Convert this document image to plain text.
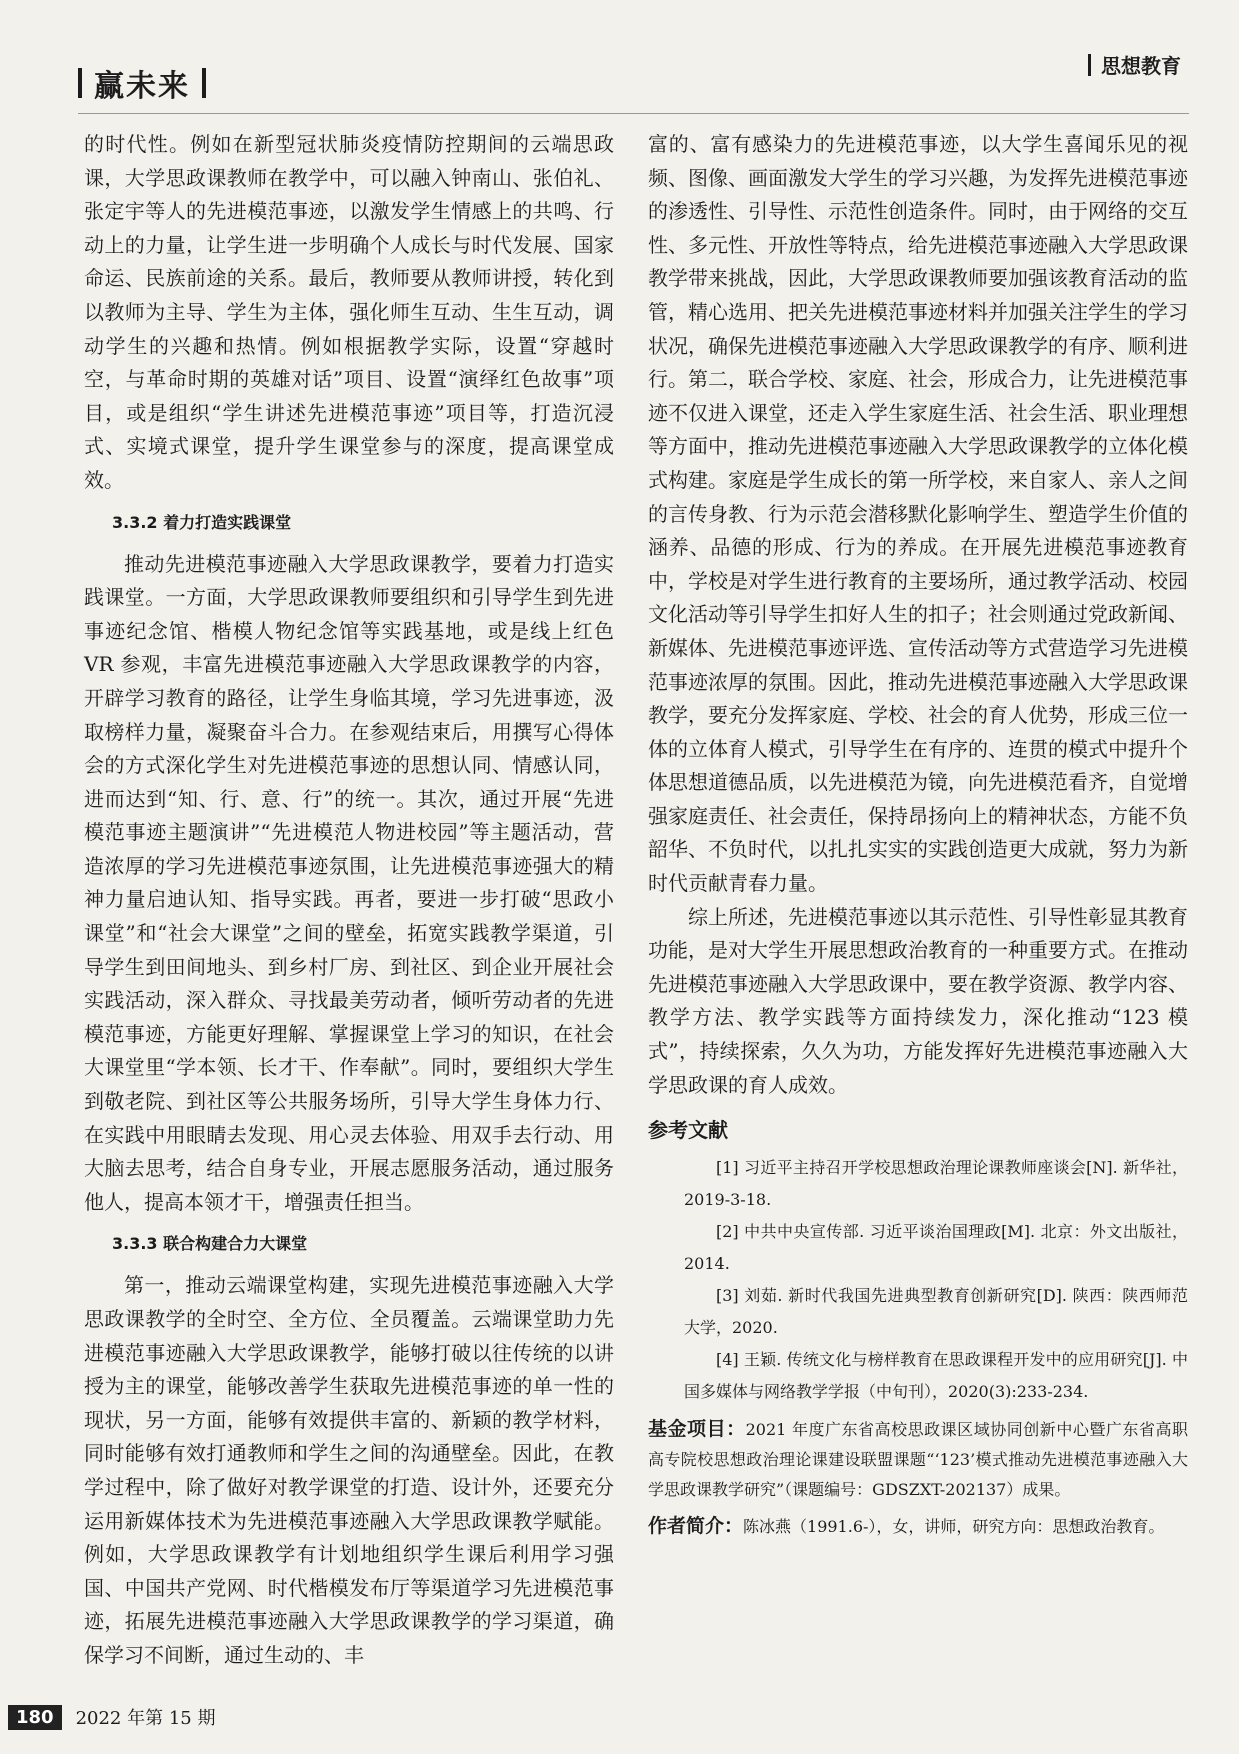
赢未来
思想教育

的时代性。例如在新型冠状肺炎疫情防控期间的云端思政课，大学思政课教师在教学中，可以融入钟南山、张伯礼、张定宇等人的先进模范事迹，以激发学生情感上的共鸣、行动上的力量，让学生进一步明确个人成长与时代发展、国家命运、民族前途的关系。最后，教师要从教师讲授，转化到以教师为主导、学生为主体，强化师生互动、生生互动，调动学生的兴趣和热情。例如根据教学实际，设置“穿越时空，与革命时期的英雄对话”项目、设置“演绎红色故事”项目，或是组织“学生讲述先进模范事迹”项目等，打造沉浸式、实境式课堂，提升学生课堂参与的深度，提高课堂成效。

3.3.2 着力打造实践课堂

推动先进模范事迹融入大学思政课教学，要着力打造实践课堂。一方面，大学思政课教师要组织和引导学生到先进事迹纪念馆、楷模人物纪念馆等实践基地，或是线上红色 VR 参观，丰富先进模范事迹融入大学思政课教学的内容，开辟学习教育的路径，让学生身临其境，学习先进事迹，汲取榜样力量，凝聚奋斗合力。在参观结束后，用撰写心得体会的方式深化学生对先进模范事迹的思想认同、情感认同，进而达到“知、行、意、行”的统一。其次，通过开展“先进模范事迹主题演讲”“先进模范人物进校园”等主题活动，营造浓厚的学习先进模范事迹氛围，让先进模范事迹强大的精神力量启迪认知、指导实践。再者，要进一步打破“思政小课堂”和“社会大课堂”之间的壁垒，拓宽实践教学渠道，引导学生到田间地头、到乡村厂房、到社区、到企业开展社会实践活动，深入群众、寻找最美劳动者，倾听劳动者的先进模范事迹，方能更好理解、掌握课堂上学习的知识，在社会大课堂里“学本领、长才干、作奉献”。同时，要组织大学生到敬老院、到社区等公共服务场所，引导大学生身体力行、在实践中用眼睛去发现、用心灵去体验、用双手去行动、用大脑去思考，结合自身专业，开展志愿服务活动，通过服务他人，提高本领才干，增强责任担当。

3.3.3 联合构建合力大课堂

第一，推动云端课堂构建，实现先进模范事迹融入大学思政课教学的全时空、全方位、全员覆盖。云端课堂助力先进模范事迹融入大学思政课教学，能够打破以往传统的以讲授为主的课堂，能够改善学生获取先进模范事迹的单一性的现状，另一方面，能够有效提供丰富的、新颖的教学材料，同时能够有效打通教师和学生之间的沟通壁垒。因此，在教学过程中，除了做好对教学课堂的打造、设计外，还要充分运用新媒体技术为先进模范事迹融入大学思政课教学赋能。例如，大学思政课教学有计划地组织学生课后利用学习强国、中国共产党网、时代楷模发布厅等渠道学习先进模范事迹，拓展先进模范事迹融入大学思政课教学的学习渠道，确保学习不间断，通过生动的、丰

富的、富有感染力的先进模范事迹，以大学生喜闻乐见的视频、图像、画面激发大学生的学习兴趣，为发挥先进模范事迹的渗透性、引导性、示范性创造条件。同时，由于网络的交互性、多元性、开放性等特点，给先进模范事迹融入大学思政课教学带来挑战，因此，大学思政课教师要加强该教育活动的监管，精心选用、把关先进模范事迹材料并加强关注学生的学习状况，确保先进模范事迹融入大学思政课教学的有序、顺利进行。第二，联合学校、家庭、社会，形成合力，让先进模范事迹不仅进入课堂，还走入学生家庭生活、社会生活、职业理想等方面中，推动先进模范事迹融入大学思政课教学的立体化模式构建。家庭是学生成长的第一所学校，来自家人、亲人之间的言传身教、行为示范会潜移默化影响学生、塑造学生价值的涵养、品德的形成、行为的养成。在开展先进模范事迹教育中，学校是对学生进行教育的主要场所，通过教学活动、校园文化活动等引导学生扣好人生的扣子；社会则通过党政新闻、新媒体、先进模范事迹评选、宣传活动等方式营造学习先进模范事迹浓厚的氛围。因此，推动先进模范事迹融入大学思政课教学，要充分发挥家庭、学校、社会的育人优势，形成三位一体的立体育人模式，引导学生在有序的、连贯的模式中提升个体思想道德品质，以先进模范为镜，向先进模范看齐，自觉增强家庭责任、社会责任，保持昂扬向上的精神状态，方能不负韶华、不负时代，以扎扎实实的实践创造更大成就，努力为新时代贡献青春力量。

综上所述，先进模范事迹以其示范性、引导性彰显其教育功能，是对大学生开展思想政治教育的一种重要方式。在推动先进模范事迹融入大学思政课中，要在教学资源、教学内容、教学方法、教学实践等方面持续发力，深化推动“123 模式”，持续探索，久久为功，方能发挥好先进模范事迹融入大学思政课的育人成效。

参考文献

[1] 习近平主持召开学校思想政治理论课教师座谈会[N]. 新华社，2019-3-18.

[2] 中共中央宣传部. 习近平谈治国理政[M]. 北京：外文出版社，2014.

[3] 刘茹. 新时代我国先进典型教育创新研究[D]. 陕西：陕西师范大学，2020.

[4] 王颖. 传统文化与榜样教育在思政课程开发中的应用研究[J]. 中国多媒体与网络教学学报（中旬刊），2020(3):233-234.

基金项目：2021 年度广东省高校思政课区域协同创新中心暨广东省高职高专院校思想政治理论课建设联盟课题“‘123’模式推动先进模范事迹融入大学思政课教学研究”（课题编号：GDSZXT-202137）成果。
作者简介：陈冰燕（1991.6-），女，讲师，研究方向：思想政治教育。
180	2022 年第 15 期
